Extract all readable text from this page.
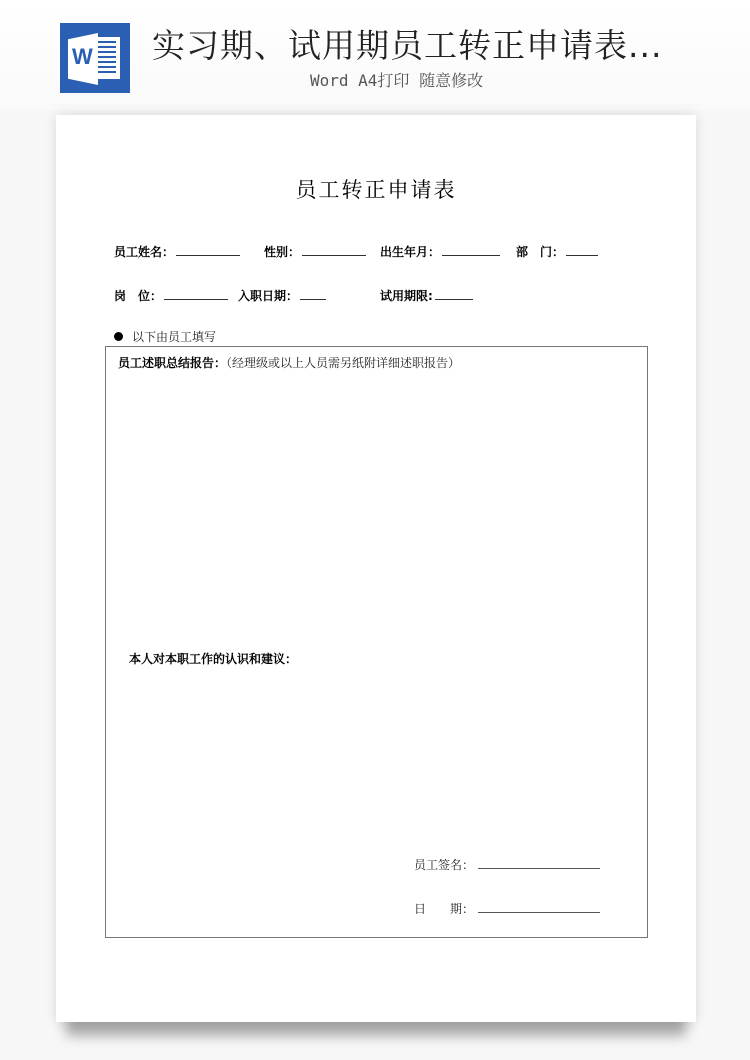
W 实习期、试用期员工转正申请表...
Word A4打印 随意修改
员工转正申请表
员工姓名：	性别：	出生年月：	部　门：
岗　位：	入职日期：	试用期限:
以下由员工填写
员工述职总结报告：（经理级或以上人员需另纸附详细述职报告）
本人对本职工作的认识和建议：
员工签名：
日　　期：
